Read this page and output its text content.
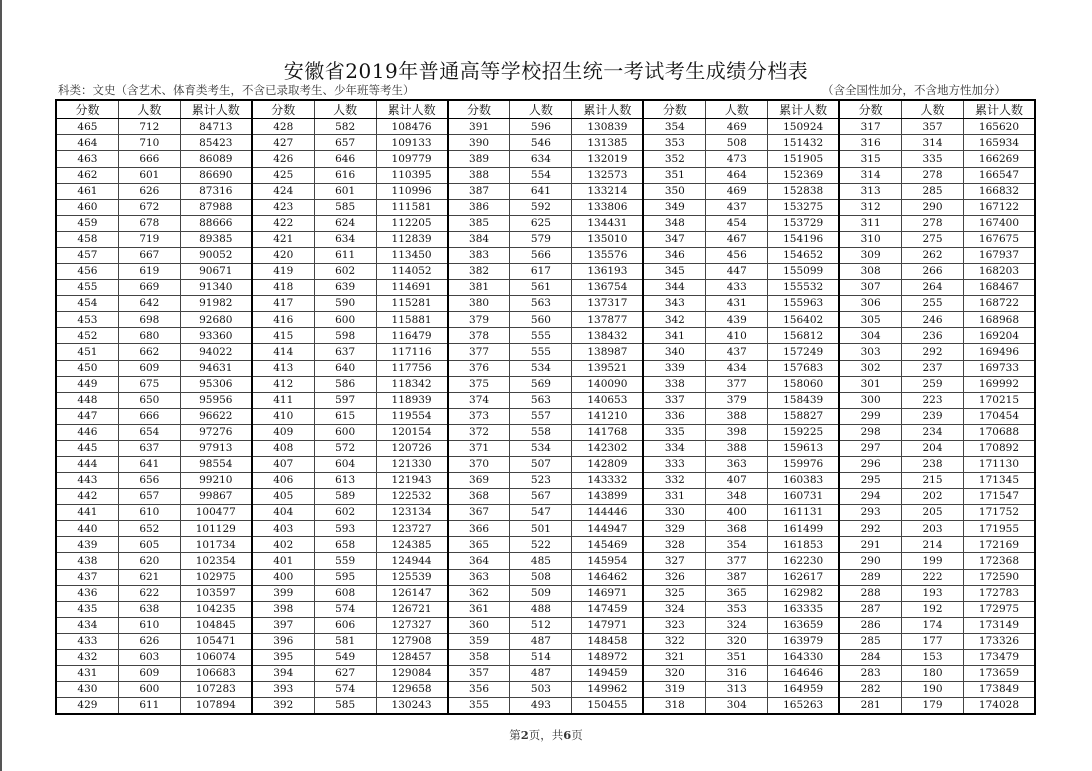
安徽省2019年普通高等学校招生统一考试考生成绩分档表
科类：文史（含艺术、体育类考生，不含已录取考生、少年班等考生）	（含全国性加分，不含地方性加分）
分数	人数	累计人数
465	712	84713
464	710	85423
463	666	86089
462	601	86690
461	626	87316
460	672	87988
459	678	88666
458	719	89385
457	667	90052
456	619	90671
455	669	91340
454	642	91982
453	698	92680
452	680	93360
451	662	94022
450	609	94631
449	675	95306
448	650	95956
447	666	96622
446	654	97276
445	637	97913
444	641	98554
443	656	99210
442	657	99867
441	610	100477
440	652	101129
439	605	101734
438	620	102354
437	621	102975
436	622	103597
435	638	104235
434	610	104845
433	626	105471
432	603	106074
431	609	106683
430	600	107283
429	611	107894
分数	人数	累计人数
428	582	108476
427	657	109133
426	646	109779
425	616	110395
424	601	110996
423	585	111581
422	624	112205
421	634	112839
420	611	113450
419	602	114052
418	639	114691
417	590	115281
416	600	115881
415	598	116479
414	637	117116
413	640	117756
412	586	118342
411	597	118939
410	615	119554
409	600	120154
408	572	120726
407	604	121330
406	613	121943
405	589	122532
404	602	123134
403	593	123727
402	658	124385
401	559	124944
400	595	125539
399	608	126147
398	574	126721
397	606	127327
396	581	127908
395	549	128457
394	627	129084
393	574	129658
392	585	130243
分数	人数	累计人数
391	596	130839
390	546	131385
389	634	132019
388	554	132573
387	641	133214
386	592	133806
385	625	134431
384	579	135010
383	566	135576
382	617	136193
381	561	136754
380	563	137317
379	560	137877
378	555	138432
377	555	138987
376	534	139521
375	569	140090
374	563	140653
373	557	141210
372	558	141768
371	534	142302
370	507	142809
369	523	143332
368	567	143899
367	547	144446
366	501	144947
365	522	145469
364	485	145954
363	508	146462
362	509	146971
361	488	147459
360	512	147971
359	487	148458
358	514	148972
357	487	149459
356	503	149962
355	493	150455
分数	人数	累计人数
354	469	150924
353	508	151432
352	473	151905
351	464	152369
350	469	152838
349	437	153275
348	454	153729
347	467	154196
346	456	154652
345	447	155099
344	433	155532
343	431	155963
342	439	156402
341	410	156812
340	437	157249
339	434	157683
338	377	158060
337	379	158439
336	388	158827
335	398	159225
334	388	159613
333	363	159976
332	407	160383
331	348	160731
330	400	161131
329	368	161499
328	354	161853
327	377	162230
326	387	162617
325	365	162982
324	353	163335
323	324	163659
322	320	163979
321	351	164330
320	316	164646
319	313	164959
318	304	165263
分数	人数	累计人数
317	357	165620
316	314	165934
315	335	166269
314	278	166547
313	285	166832
312	290	167122
311	278	167400
310	275	167675
309	262	167937
308	266	168203
307	264	168467
306	255	168722
305	246	168968
304	236	169204
303	292	169496
302	237	169733
301	259	169992
300	223	170215
299	239	170454
298	234	170688
297	204	170892
296	238	171130
295	215	171345
294	202	171547
293	205	171752
292	203	171955
291	214	172169
290	199	172368
289	222	172590
288	193	172783
287	192	172975
286	174	173149
285	177	173326
284	153	173479
283	180	173659
282	190	173849
281	179	174028
第2页，共6页
